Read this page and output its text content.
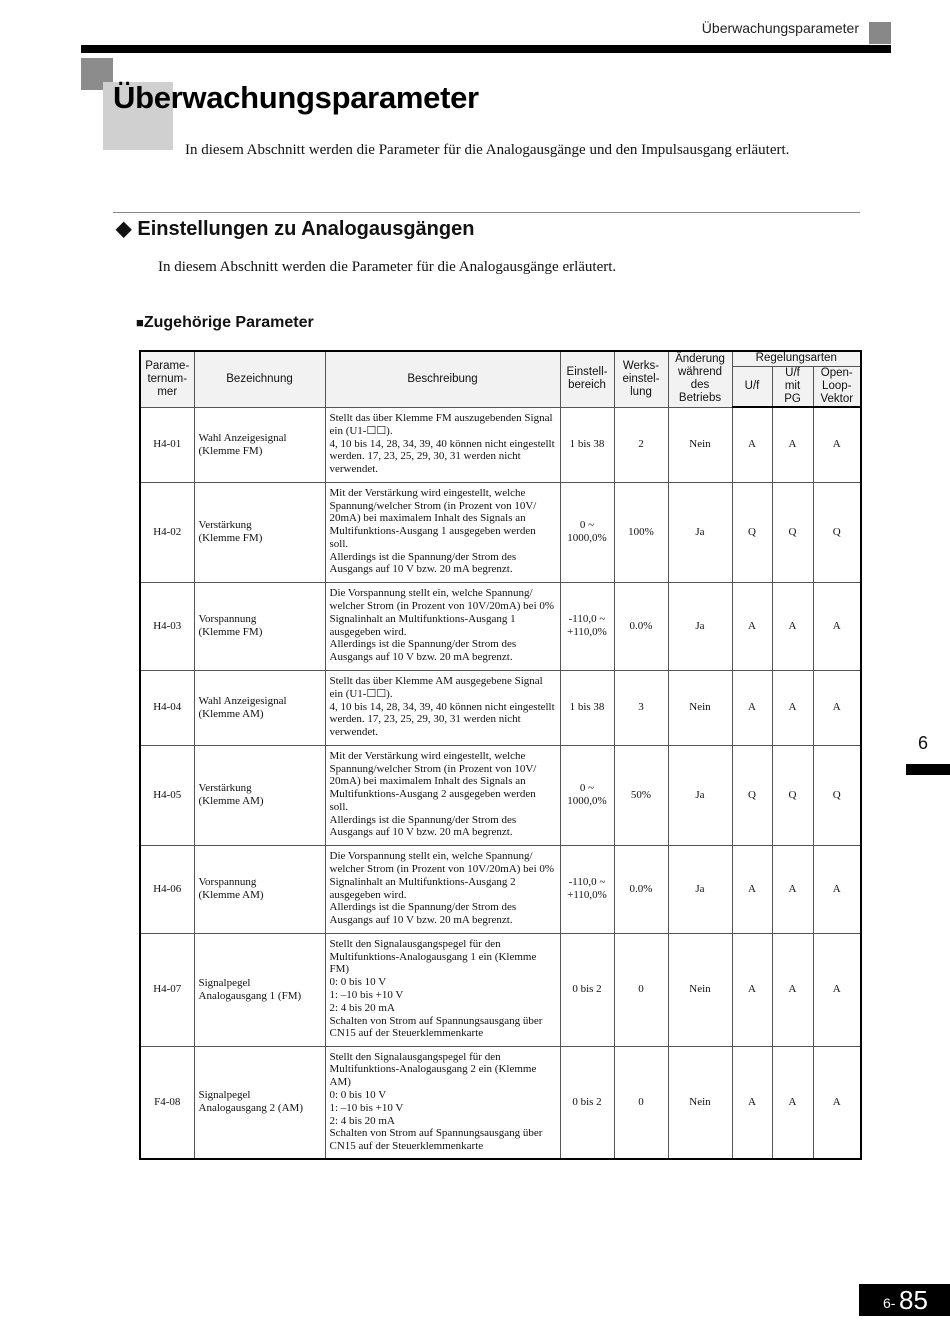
Überwachungsparameter
Überwachungsparameter
In diesem Abschnitt werden die Parameter für die Analogausgänge und den Impulsausgang erläutert.
◆ Einstellungen zu Analogausgängen
In diesem Abschnitt werden die Parameter für die Analogausgänge erläutert.
■Zugehörige Parameter
Parame-
ternum-
mer	Bezeichnung	Beschreibung	Einstell-
bereich	Werks-
einstel-
lung	Änderung
während
des
Betriebs	Regelungsarten		
						U/f	U/f
mit
PG	Open-
Loop-
Vektor
H4-01	Wahl Anzeigesignal
(Klemme FM)	Stellt das über Klemme FM auszugebenden Signal ein (U1-☐☐).
4, 10 bis 14, 28, 34, 39, 40 können nicht eingestellt werden. 17, 23, 25, 29, 30, 31 werden nicht verwendet.	1 bis 38	2	Nein	A	A	A
H4-02	Verstärkung
(Klemme FM)	Mit der Verstärkung wird eingestellt, welche Spannung/welcher Strom (in Prozent von 10V/ 20mA) bei maximalem Inhalt des Signals an Multifunktions-Ausgang 1 ausgegeben werden soll.
Allerdings ist die Spannung/der Strom des Ausgangs auf 10 V bzw. 20 mA begrenzt.	0 ~
1000,0%	100%	Ja	Q	Q	Q
H4-03	Vorspannung
(Klemme FM)	Die Vorspannung stellt ein, welche Spannung/ welcher Strom (in Prozent von 10V/20mA) bei 0% Signalinhalt an Multifunktions-Ausgang 1 ausgegeben wird.
Allerdings ist die Spannung/der Strom des Ausgangs auf 10 V bzw. 20 mA begrenzt.	-110,0 ~
+110,0%	0.0%	Ja	A	A	A
H4-04	Wahl Anzeigesignal
(Klemme AM)	Stellt das über Klemme AM ausgegebene Signal ein (U1-☐☐).
4, 10 bis 14, 28, 34, 39, 40 können nicht eingestellt werden. 17, 23, 25, 29, 30, 31 werden nicht verwendet.	1 bis 38	3	Nein	A	A	A
H4-05	Verstärkung
(Klemme AM)	Mit der Verstärkung wird eingestellt, welche Spannung/welcher Strom (in Prozent von 10V/ 20mA) bei maximalem Inhalt des Signals an Multifunktions-Ausgang 2 ausgegeben werden soll.
Allerdings ist die Spannung/der Strom des Ausgangs auf 10 V bzw. 20 mA begrenzt.	0 ~
1000,0%	50%	Ja	Q	Q	Q
H4-06	Vorspannung
(Klemme AM)	Die Vorspannung stellt ein, welche Spannung/ welcher Strom (in Prozent von 10V/20mA) bei 0% Signalinhalt an Multifunktions-Ausgang 2 ausgegeben wird.
Allerdings ist die Spannung/der Strom des Ausgangs auf 10 V bzw. 20 mA begrenzt.	-110,0 ~
+110,0%	0.0%	Ja	A	A	A
H4-07	Signalpegel
Analogausgang 1 (FM)	Stellt den Signalausgangspegel für den Multifunktions-Analogausgang 1 ein (Klemme FM)
0: 0 bis 10 V
1: –10 bis +10 V
2: 4 bis 20 mA
Schalten von Strom auf Spannungsausgang über CN15 auf der Steuerklemmenkarte	0 bis 2	0	Nein	A	A	A
F4-08	Signalpegel
Analogausgang 2 (AM)	Stellt den Signalausgangspegel für den Multifunktions-Analogausgang 2 ein (Klemme AM)
0: 0 bis 10 V
1: –10 bis +10 V
2: 4 bis 20 mA
Schalten von Strom auf Spannungsausgang über CN15 auf der Steuerklemmenkarte	0 bis 2	0	Nein	A	A	A
6
6- 85
